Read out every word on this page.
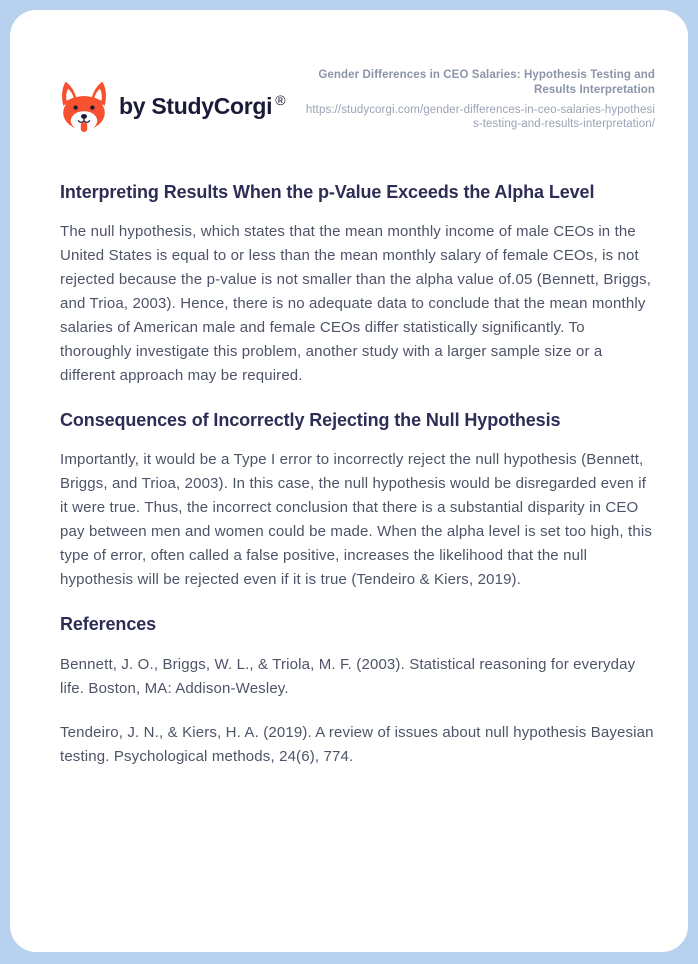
by StudyCorgi ®
Gender Differences in CEO Salaries: Hypothesis Testing and Results Interpretation
https://studycorgi.com/gender-differences-in-ceo-salaries-hypothesis-testing-and-results-interpretation/
Interpreting Results When the p-Value Exceeds the Alpha Level

The null hypothesis, which states that the mean monthly income of male CEOs in the United States is equal to or less than the mean monthly salary of female CEOs, is not rejected because the p-value is not smaller than the alpha value of.05 (Bennett, Briggs, and Trioa, 2003). Hence, there is no adequate data to conclude that the mean monthly salaries of American male and female CEOs differ statistically significantly. To thoroughly investigate this problem, another study with a larger sample size or a different approach may be required.

Consequences of Incorrectly Rejecting the Null Hypothesis

Importantly, it would be a Type I error to incorrectly reject the null hypothesis (Bennett, Briggs, and Trioa, 2003). In this case, the null hypothesis would be disregarded even if it were true. Thus, the incorrect conclusion that there is a substantial disparity in CEO pay between men and women could be made. When the alpha level is set too high, this type of error, often called a false positive, increases the likelihood that the null hypothesis will be rejected even if it is true (Tendeiro & Kiers, 2019).

References

Bennett, J. O., Briggs, W. L., & Triola, M. F. (2003). Statistical reasoning for everyday life. Boston, MA: Addison-Wesley.

Tendeiro, J. N., & Kiers, H. A. (2019). A review of issues about null hypothesis Bayesian testing. Psychological methods, 24(6), 774.
